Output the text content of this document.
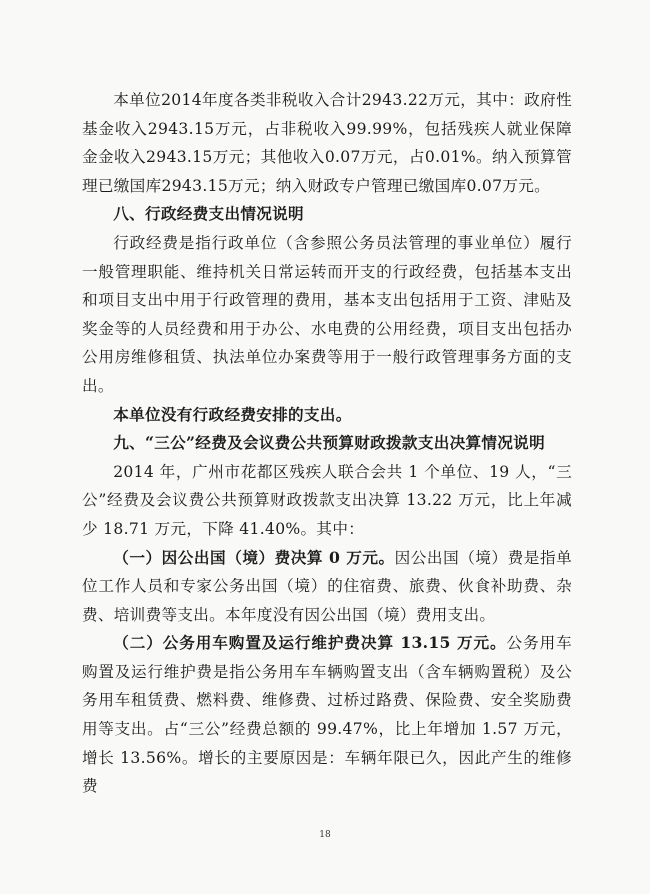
本单位2014年度各类非税收入合计2943.22万元，其中：政府性基金收入2943.15万元，占非税收入99.99%，包括残疾人就业保障金金收入2943.15万元；其他收入0.07万元，占0.01%。纳入预算管理已缴国库2943.15万元；纳入财政专户管理已缴国库0.07万元。

八、行政经费支出情况说明

行政经费是指行政单位（含参照公务员法管理的事业单位）履行一般管理职能、维持机关日常运转而开支的行政经费，包括基本支出和项目支出中用于行政管理的费用，基本支出包括用于工资、津贴及奖金等的人员经费和用于办公、水电费的公用经费，项目支出包括办公用房维修租赁、执法单位办案费等用于一般行政管理事务方面的支出。

本单位没有行政经费安排的支出。

九、“三公”经费及会议费公共预算财政拨款支出决算情况说明

2014 年，广州市花都区残疾人联合会共 1 个单位、19 人，“三公”经费及会议费公共预算财政拨款支出决算 13.22 万元，比上年减少 18.71 万元，下降 41.40%。其中：

（一）因公出国（境）费决算 0 万元。因公出国（境）费是指单位工作人员和专家公务出国（境）的住宿费、旅费、伙食补助费、杂费、培训费等支出。本年度没有因公出国（境）费用支出。

（二）公务用车购置及运行维护费决算 13.15 万元。公务用车购置及运行维护费是指公务用车车辆购置支出（含车辆购置税）及公务用车租赁费、燃料费、维修费、过桥过路费、保险费、安全奖励费用等支出。占“三公”经费总额的 99.47%，比上年增加 1.57 万元，增长 13.56%。增长的主要原因是：车辆年限已久，因此产生的维修费

18
